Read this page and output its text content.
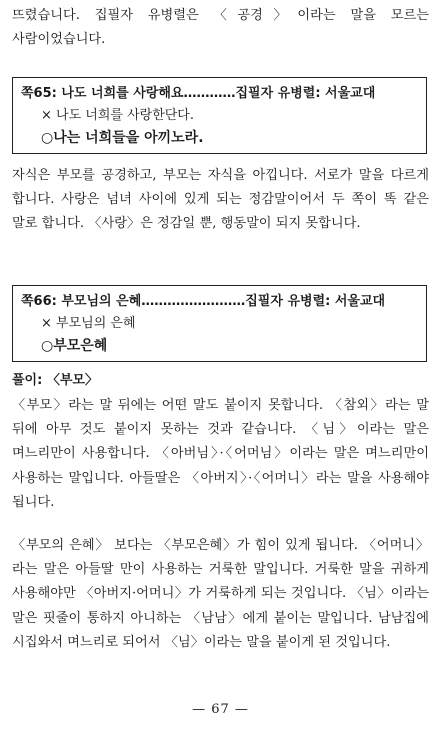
뜨렸습니다. 집필자 유병렬은 〈공경〉이라는 말을 모르는 사람이었습니다.

쪽65: 나도 너희를 사랑해요…………집필자 유병렬: 서울교대
× 나도 너희를 사랑한단다.
○나는 너희들을 아끼노라.

자식은 부모를 공경하고, 부모는 자식을 아낍니다. 서로가 말을 다르게 합니다. 사랑은 넘녀 사이에 있게 되는 정감말이어서 두 쪽이 똑 같은 말로 합니다. 〈사랑〉은 정감일 뿐, 행동말이 되지 못합니다.

쪽66: 부모님의 은혜……………………집필자 유병렬: 서울교대
× 부모님의 은혜
○부모은혜
풀이: 〈부모〉

〈부모〉라는 말 뒤에는 어떤 말도 붙이지 못합니다. 〈참외〉라는 말 뒤에 아무 것도 붙이지 못하는 것과 같습니다. 〈님〉이라는 말은 며느리만이 사용합니다. 〈아버님〉·〈어머님〉이라는 말은 며느리만이 사용하는 말입니다. 아들딸은 〈아버지〉·〈어머니〉라는 말을 사용해야 됩니다.

〈부모의 은혜〉 보다는 〈부모은혜〉가 힘이 있게 됩니다. 〈어머니〉라는 말은 아들딸 만이 사용하는 거룩한 말입니다. 거룩한 말을 귀하게 사용해야만 〈아버지·어머니〉가 거룩하게 되는 것입니다. 〈님〉이라는 말은 핏줄이 통하지 아니하는 〈남남〉에게 붙이는 말입니다. 남남집에 시집와서 며느리로 되어서 〈님〉이라는 말을 붙이게 된 것입니다.

— 67 —
